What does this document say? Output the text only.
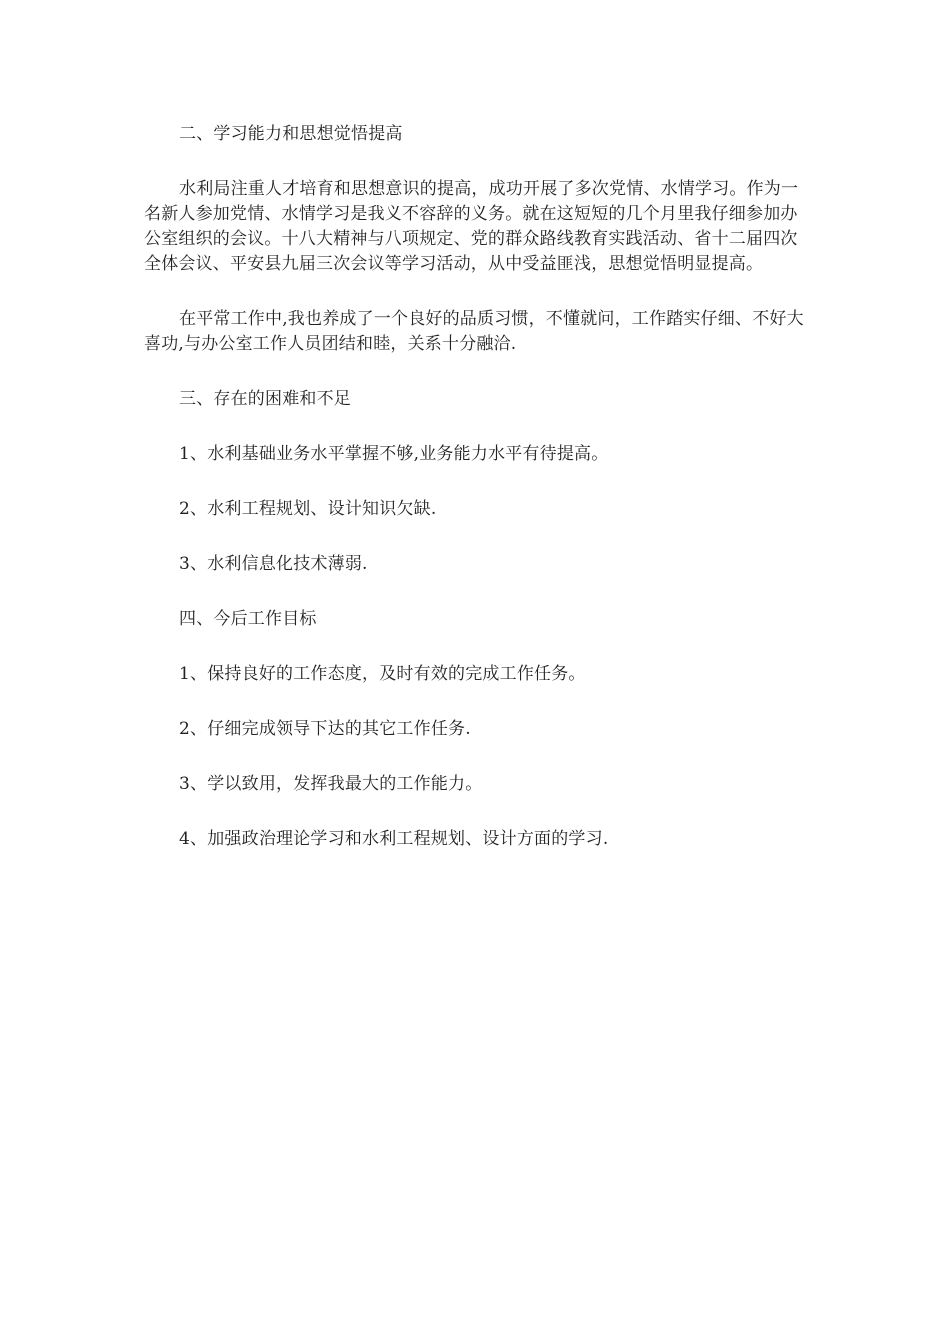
二、学习能力和思想觉悟提高

水利局注重人才培育和思想意识的提高，成功开展了多次党情、水情学习。作为一名新人参加党情、水情学习是我义不容辞的义务。就在这短短的几个月里我仔细参加办公室组织的会议。十八大精神与八项规定、党的群众路线教育实践活动、省十二届四次全体会议、平安县九届三次会议等学习活动，从中受益匪浅，思想觉悟明显提高。

在平常工作中,我也养成了一个良好的品质习惯，不懂就问，工作踏实仔细、不好大喜功,与办公室工作人员团结和睦，关系十分融洽.

三、存在的困难和不足

1、水利基础业务水平掌握不够,业务能力水平有待提高。

2、水利工程规划、设计知识欠缺.

3、水利信息化技术薄弱.

四、今后工作目标

1、保持良好的工作态度，及时有效的完成工作任务。

2、仔细完成领导下达的其它工作任务.

3、学以致用，发挥我最大的工作能力。

4、加强政治理论学习和水利工程规划、设计方面的学习.
